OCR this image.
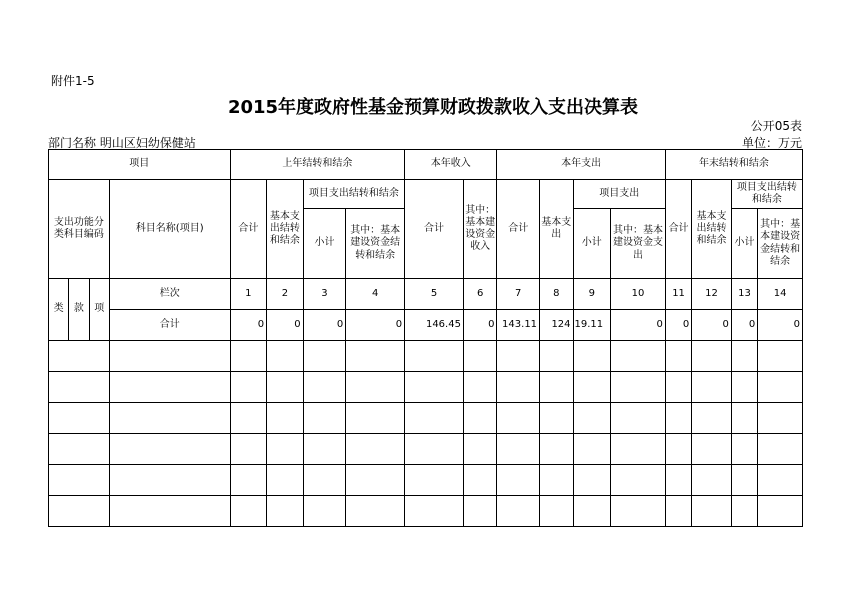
附件1-5
2015年度政府性基金预算财政拨款收入支出决算表
公开05表
部门名称 明山区妇幼保健站	单位：万元
项目				上年结转和结余				本年收入		本年支出				年末结转和结余			
支出功能分类科目编码			科目名称(项目)	合计	基本支出结转和结余	项目支出结转和结余		合计	其中：基本建设资金收入	合计	基本支出	项目支出		合计	基本支出结转和结余	项目支出结转和结余	
						小计	其中：基本建设资金结转和结余					小计	其中：基本建设资金支出			小计	其中：基本建设资金结转和结余
类	款	项	栏次	1	2	3	4	5	6	7	8	9	10	11	12	13	14
			合计	0	0	0	0	146.45	0	143.11	124	19.11	0	0	0	0	0
